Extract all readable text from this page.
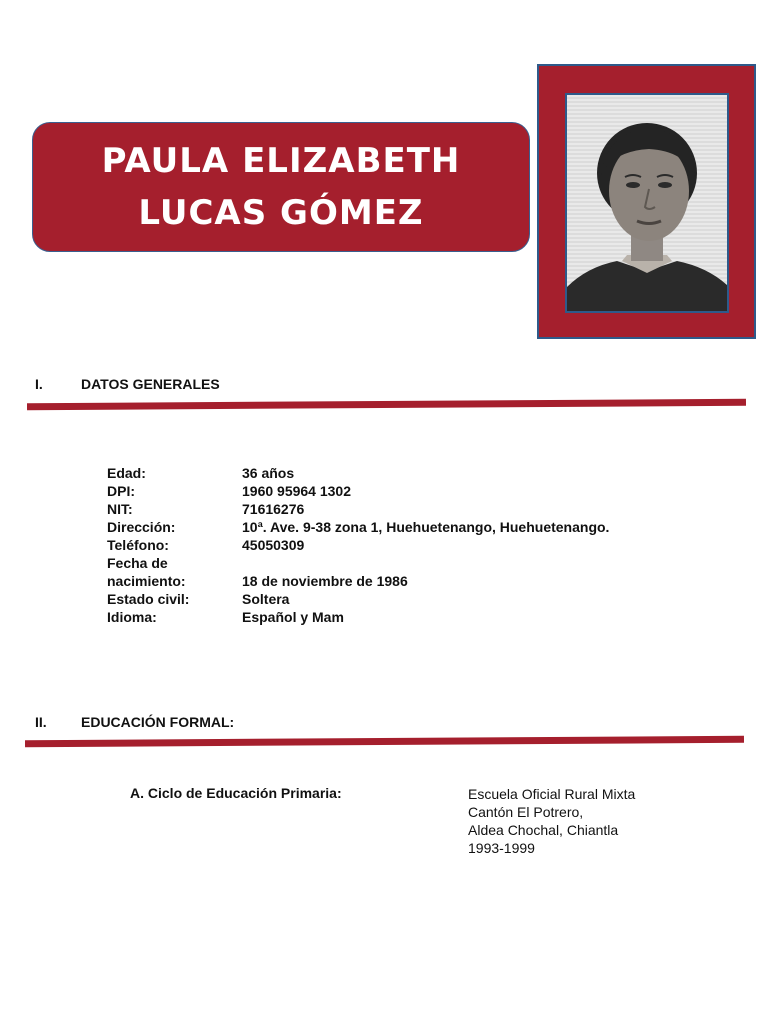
PAULA ELIZABETH
LUCAS GÓMEZ
I.	DATOS GENERALES
Edad:	36 años
DPI:	1960 95964 1302
NIT:	71616276
Dirección:	10ª. Ave. 9-38 zona 1, Huehuetenango, Huehuetenango.
Teléfono:	45050309
Fecha de
nacimiento:	18 de noviembre de 1986
Estado civil:	Soltera
Idioma:	Español y Mam
II. EDUCACIÓN FORMAL:
A. Ciclo de Educación Primaria:	Escuela Oficial Rural Mixta
Cantón El Potrero,
Aldea Chochal, Chiantla
1993-1999
